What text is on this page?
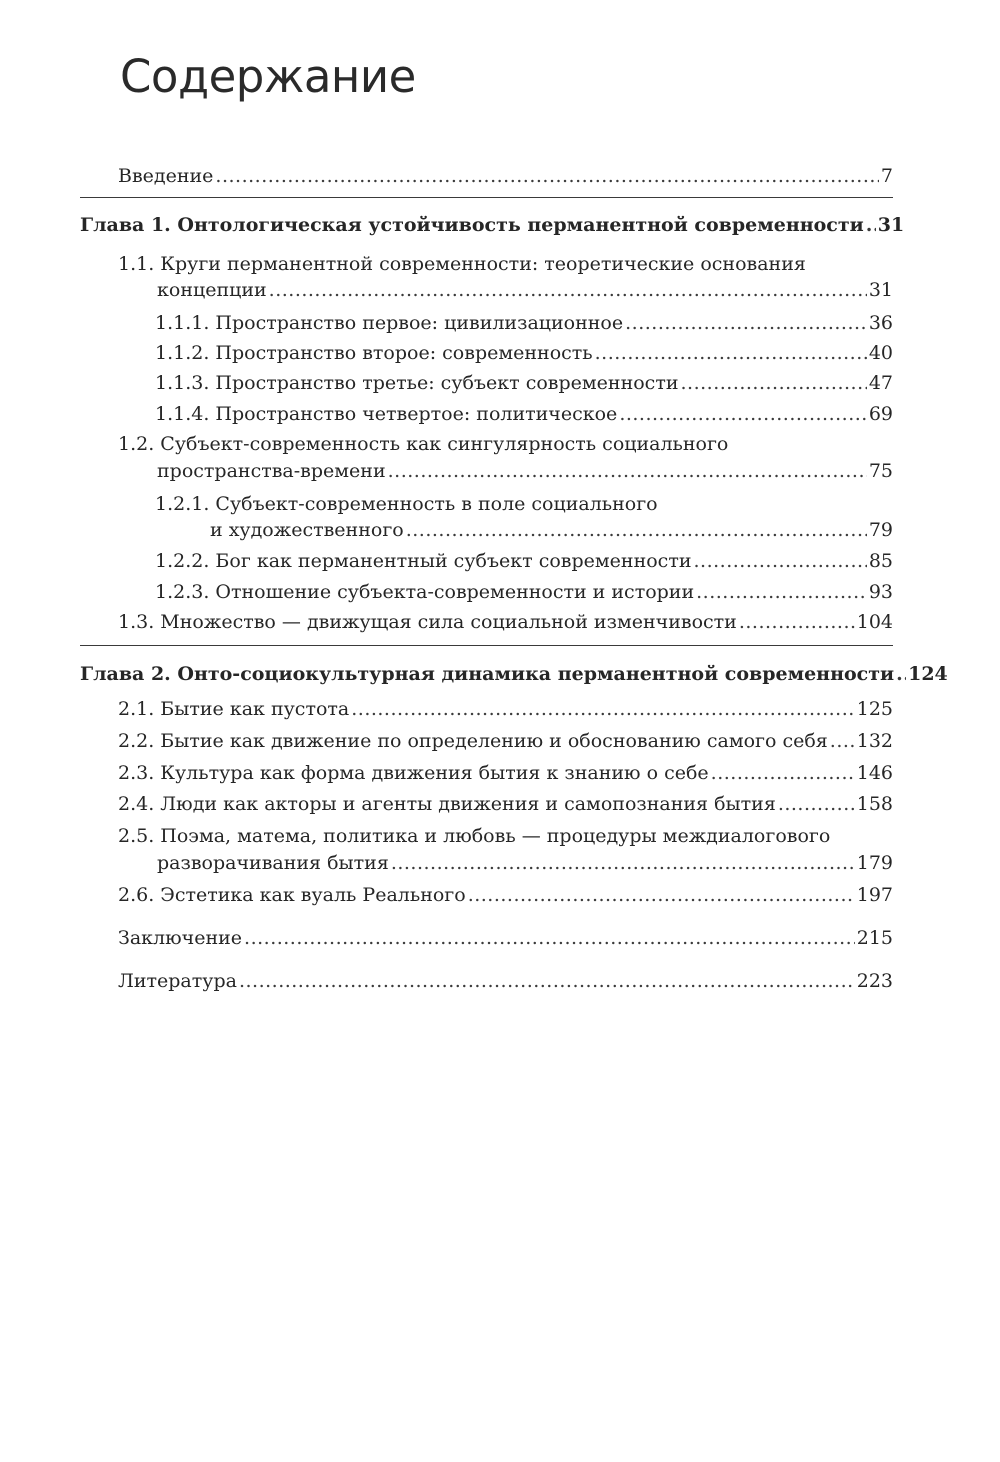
Содержание
Введение .....	7
Глава 1. Онтологическая устойчивость перманентной современности ..... 31
1.1. Круги перманентной современности: теоретические основания
концепции .....	31
1.1.1. Пространство первое: цивилизационное .....	36
1.1.2. Пространство второе: современность .....	40
1.1.3. Пространство третье: субъект современности .....	47
1.1.4. Пространство четвертое: политическое .....	69
1.2. Субъект-современность как сингулярность социального
пространства-времени .....	75
1.2.1. Субъект-современность в поле социального
и художественного .....	79
1.2.2. Бог как перманентный субъект современности .....	85
1.2.3. Отношение субъекта-современности и истории .....	93
1.3. Множество — движущая сила социальной изменчивости .....	104
Глава 2. Онто-социокультурная динамика перманентной современности ..... 124
2.1. Бытие как пустота .....	125
2.2. Бытие как движение по определению и обоснованию самого себя ..... 132
2.3. Культура как форма движения бытия к знанию о себе .....	146
2.4. Люди как акторы и агенты движения и самопознания бытия .....	158
2.5. Поэма, матема, политика и любовь — процедуры междиалогового
разворачивания бытия .....	179
2.6. Эстетика как вуаль Реального .....	197
Заключение .....	215
Литература .....	223
